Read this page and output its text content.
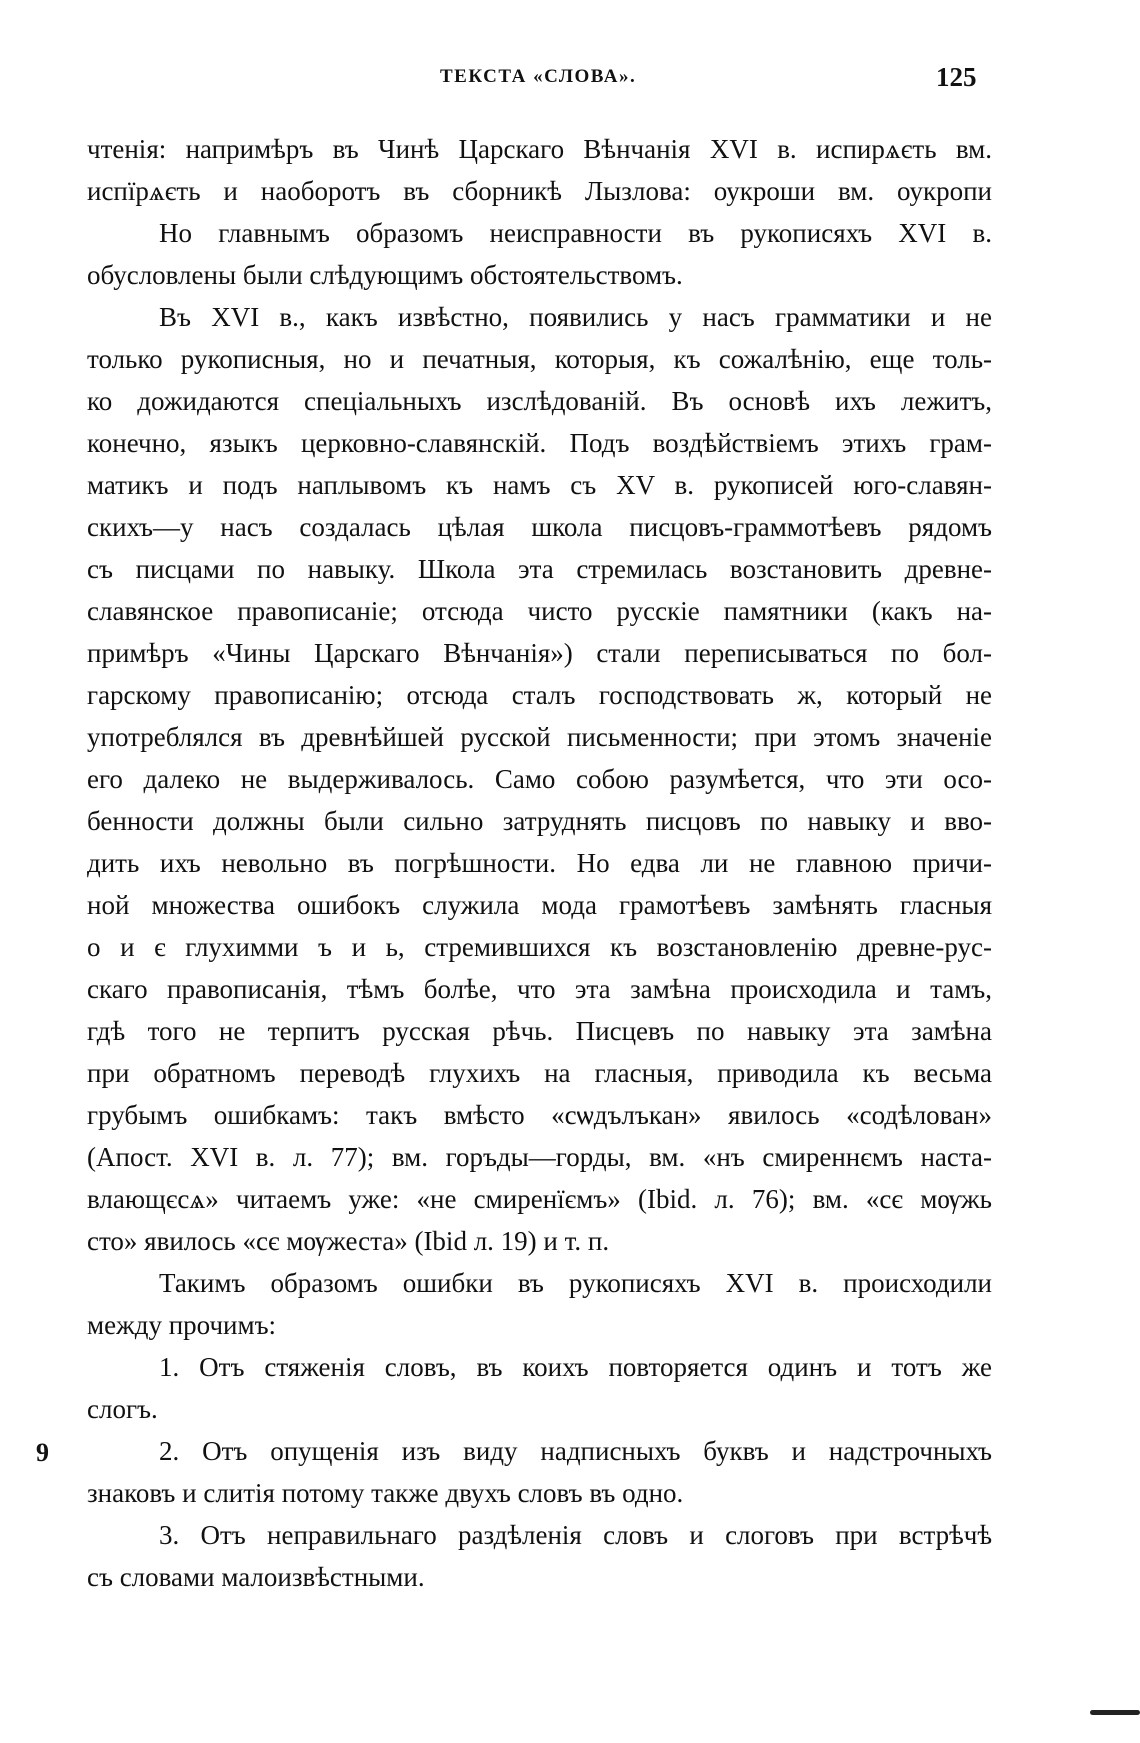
ТЕКСТА «СЛОВА».	125
чтенія: напримѣръ въ Чинѣ Царскаго Вѣнчанія XVI в. испирѧєть вм.
испїрѧєть и наоборотъ въ сборникѣ Лызлова: оукроши вм. оукропи
Но главнымъ образомъ неисправности въ рукописяхъ XVI в.
обусловлены были слѣдующимъ обстоятельствомъ.
Въ XVI в., какъ извѣстно, появились у насъ грамматики и не
только рукописныя, но и печатныя, которыя, къ сожалѣнію, еще толь-
ко дожидаются спеціальныхъ изслѣдованій. Въ основѣ ихъ лежитъ,
конечно, языкъ церковно-славянскій. Подъ воздѣйствіемъ этихъ грам-
матикъ и подъ наплывомъ къ намъ съ XV в. рукописей юго-славян-
скихъ—у насъ создалась цѣлая школа писцовъ-граммотѣевъ рядомъ
съ писцами по навыку. Школа эта стремилась возстановить древне-
славянское правописаніе; отсюда чисто русскіе памятники (какъ на-
примѣръ «Чины Царскаго Вѣнчанія») стали переписываться по бол-
гарскому правописанію; отсюда сталъ господствовать ж, который не
употреблялся въ древнѣйшей русской письменности; при этомъ значеніе
его далеко не выдерживалось. Само собою разумѣется, что эти осо-
бенности должны были сильно затруднять писцовъ по навыку и вво-
дить ихъ невольно въ погрѣшности. Но едва ли не главною причи-
ной множества ошибокъ служила мода грамотѣевъ замѣнять гласныя
о и є глухимми ъ и ь, стремившихся къ возстановленію древне-рус-
скаго правописанія, тѣмъ болѣе, что эта замѣна происходила и тамъ,
гдѣ того не терпитъ русская рѣчь. Писцевъ по навыку эта замѣна
при обратномъ переводѣ глухихъ на гласныя, приводила къ весьма
грубымъ ошибкамъ: такъ вмѣсто «сѡдълъкан» явилось «содѣлован»
(Апост. XVI в. л. 77); вм. горъды—горды, вм. «нъ смиреннємъ наста-
влающєсѧ» читаемъ уже: «не смиренїємъ» (Ibid. л. 76); вм. «сє мѹжь
сто» явилось «сє мѹжеста» (Ibid л. 19) и т. п.
Такимъ образомъ ошибки въ рукописяхъ XVI в. происходили
между прочимъ:
1. Отъ стяженія словъ, въ коихъ повторяется одинъ и тотъ же
слогъ.
2. Отъ опущенія изъ виду надписныхъ буквъ и надстрочныхъ
знаковъ и слитія потому также двухъ словъ въ одно.
3. Отъ неправильнаго раздѣленія словъ и слоговъ при встрѣчѣ
съ словами малоизвѣстными.
9
